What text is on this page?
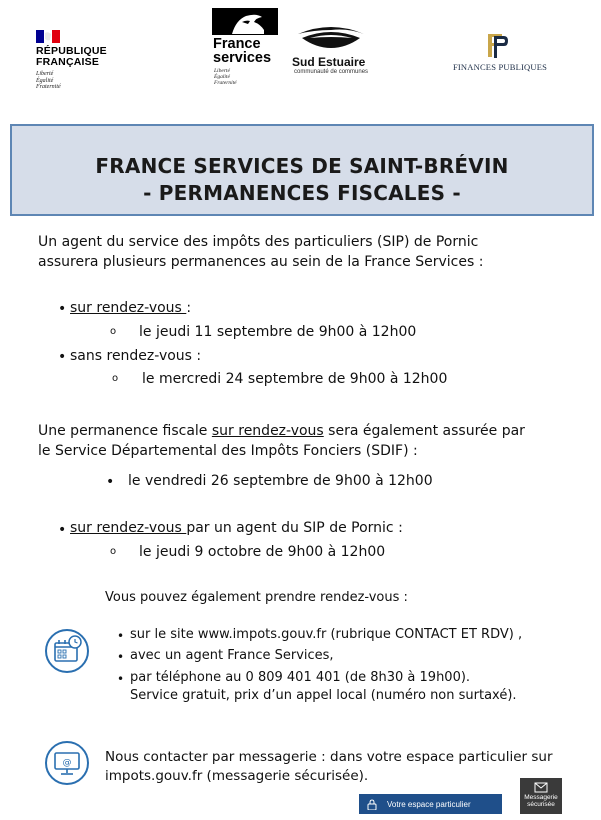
RÉPUBLIQUE
FRANÇAISE
Liberté
Égalité
Fraternité
France
services
Liberté
Égalité
Fraternité
Sud Estuaire
communauté de communes	FINANCES PUBLIQUES
FRANCE SERVICES DE SAINT-BRÉVIN
- PERMANENCES FISCALES -
Un agent du service des impôts des particuliers (SIP) de Pornic
assurera plusieurs permanences au sein de la France Services :
• sur rendez-vous :
o le jeudi 11 septembre de 9h00 à 12h00
• sans rendez-vous :
o le mercredi 24 septembre de 9h00 à 12h00
Une permanence fiscale sur rendez-vous sera également assurée par
le Service Départemental des Impôts Fonciers (SDIF) :
• le vendredi 26 septembre de 9h00 à 12h00
• sur rendez-vous par un agent du SIP de Pornic :
o le jeudi 9 octobre de 9h00 à 12h00
Vous pouvez également prendre rendez-vous :
• sur le site www.impots.gouv.fr (rubrique CONTACT ET RDV) ,
• avec un agent France Services,
• par téléphone au 0 809 401 401 (de 8h30 à 19h00).
Service gratuit, prix d’un appel local (numéro non surtaxé).
@ Nous contacter par messagerie : dans votre espace particulier sur
impots.gouv.fr (messagerie sécurisée).
Votre espace particulier
Messagerie
sécurisée
